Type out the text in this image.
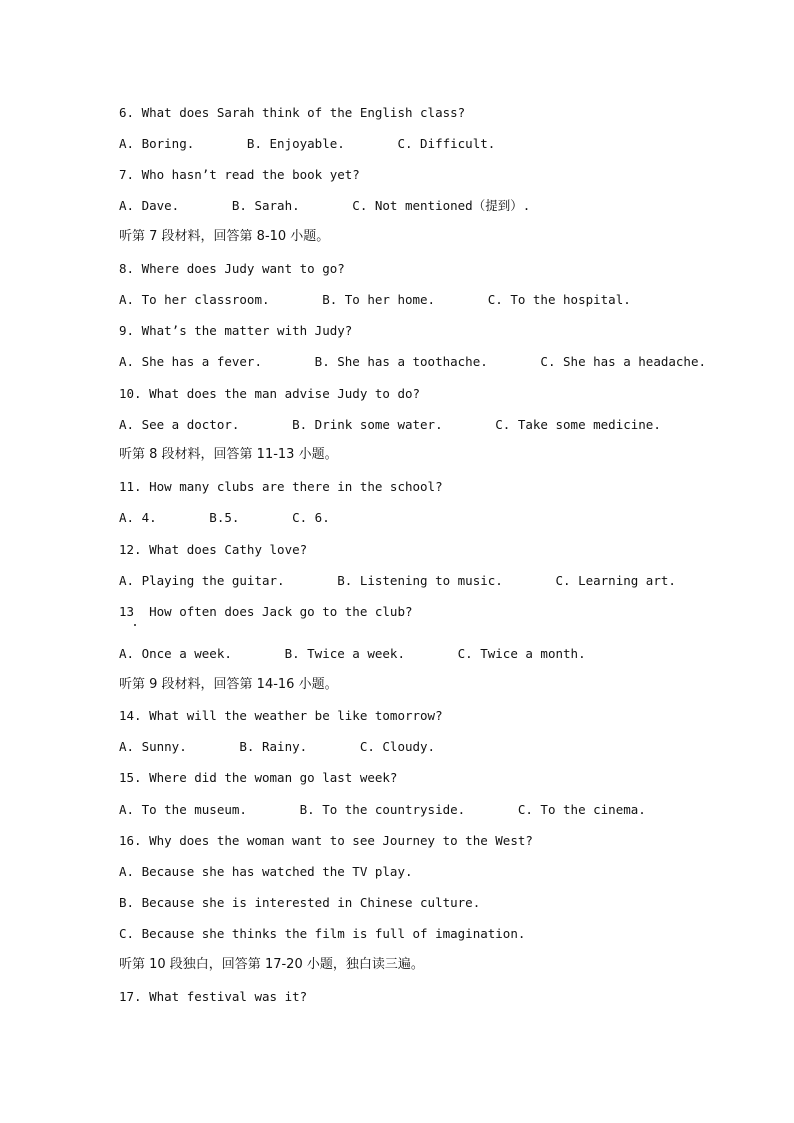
6. What does Sarah think of the English class?
A. Boring.       B. Enjoyable.       C. Difficult.
7. Who hasn’t read the book yet?
A. Dave.       B. Sarah.       C. Not mentioned（提到）.
听第 7 段材料，回答第 8-10 小题。
8. Where does Judy want to go?
A. To her classroom.       B. To her home.       C. To the hospital.
9. What’s the matter with Judy?
A. She has a fever.       B. She has a toothache.       C. She has a headache.
10. What does the man advise Judy to do?
A. See a doctor.       B. Drink some water.       C. Take some medicine.
听第 8 段材料，回答第 11-13 小题。
11. How many clubs are there in the school?
A. 4.       B.5.       C. 6.
12. What does Cathy love?
A. Playing the guitar.       B. Listening to music.       C. Learning art.
13  How often does Jack go to the club?
A. Once a week.       B. Twice a week.       C. Twice a month.
听第 9 段材料，回答第 14-16 小题。
14. What will the weather be like tomorrow?
A. Sunny.       B. Rainy.       C. Cloudy.
15. Where did the woman go last week?
A. To the museum.       B. To the countryside.       C. To the cinema.
16. Why does the woman want to see Journey to the West?
A. Because she has watched the TV play.
B. Because she is interested in Chinese culture.
C. Because she thinks the film is full of imagination.
听第 10 段独白，回答第 17-20 小题，独白读三遍。
17. What festival was it?
